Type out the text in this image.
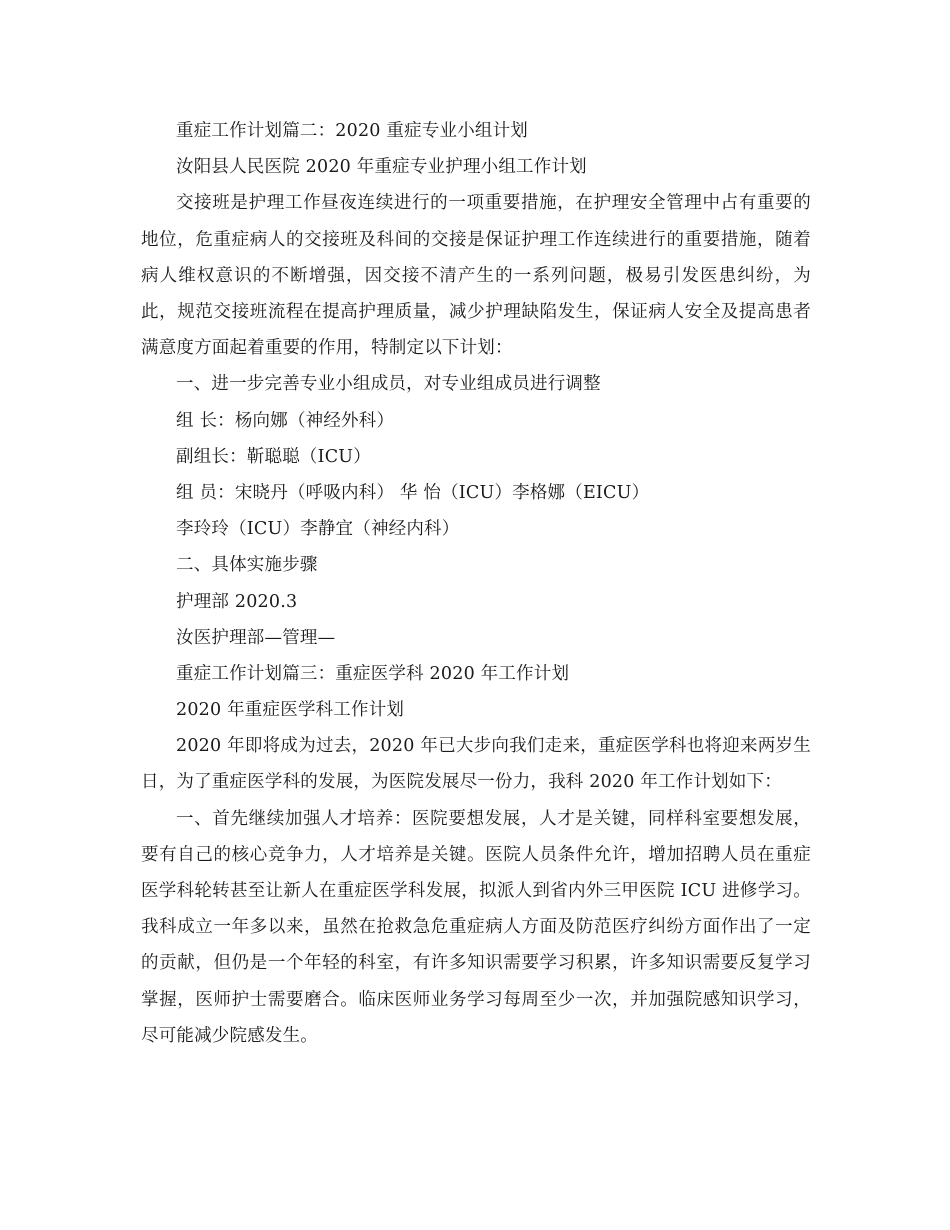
重症工作计划篇二：2020 重症专业小组计划
汝阳县人民医院 2020 年重症专业护理小组工作计划

交接班是护理工作昼夜连续进行的一项重要措施，在护理安全管理中占有重要的地位，危重症病人的交接班及科间的交接是保证护理工作连续进行的重要措施，随着病人维权意识的不断增强，因交接不清产生的一系列问题，极易引发医患纠纷，为此，规范交接班流程在提高护理质量，减少护理缺陷发生，保证病人安全及提高患者满意度方面起着重要的作用，特制定以下计划：

一、进一步完善专业小组成员，对专业组成员进行调整
组 长：杨向娜（神经外科）
副组长：靳聪聪（ICU）
组 员：宋晓丹（呼吸内科） 华 怡（ICU）李格娜（EICU）
李玲玲（ICU）李静宜（神经内科）
二、具体实施步骤
护理部 2020.3
汝医护理部—管理—
重症工作计划篇三：重症医学科 2020 年工作计划
2020 年重症医学科工作计划

2020 年即将成为过去，2020 年已大步向我们走来，重症医学科也将迎来两岁生日，为了重症医学科的发展，为医院发展尽一份力，我科 2020 年工作计划如下：

一、首先继续加强人才培养：医院要想发展，人才是关键，同样科室要想发展，要有自己的核心竞争力，人才培养是关键。医院人员条件允许，增加招聘人员在重症医学科轮转甚至让新人在重症医学科发展，拟派人到省内外三甲医院 ICU 进修学习。我科成立一年多以来，虽然在抢救急危重症病人方面及防范医疗纠纷方面作出了一定的贡献，但仍是一个年轻的科室，有许多知识需要学习积累，许多知识需要反复学习掌握，医师护士需要磨合。临床医师业务学习每周至少一次，并加强院感知识学习，尽可能减少院感发生。
